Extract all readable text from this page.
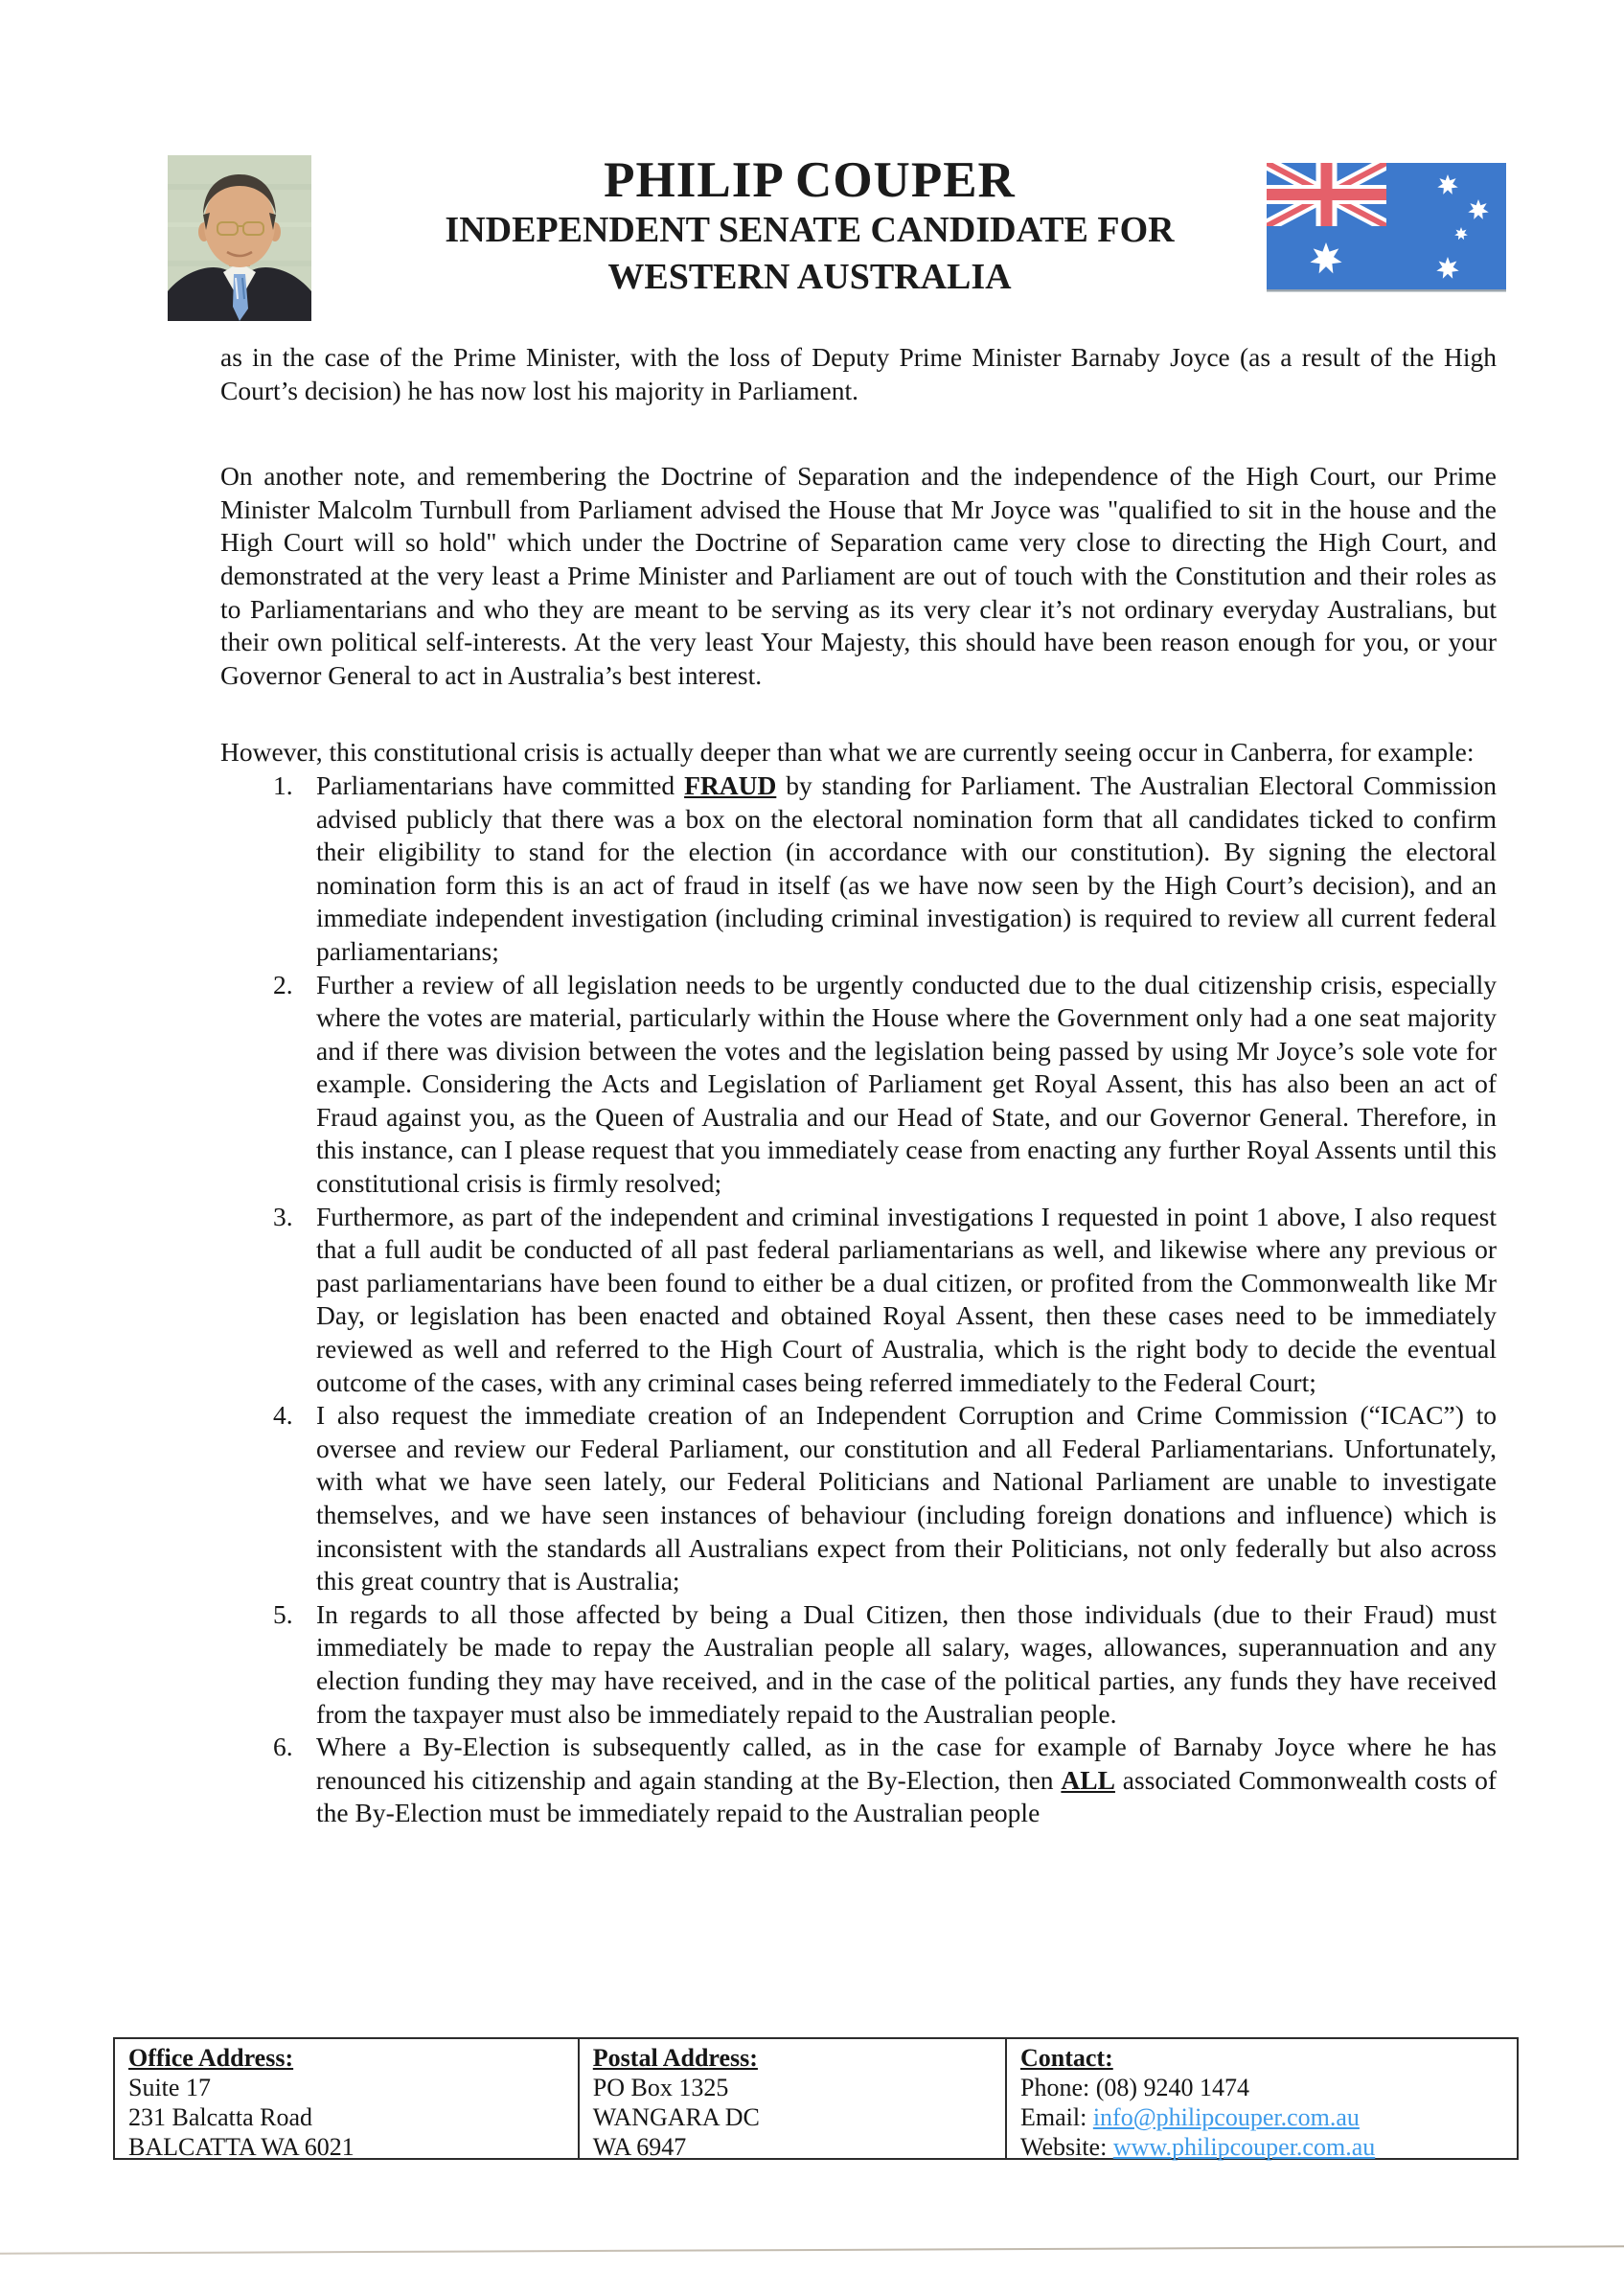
PHILIP COUPER
INDEPENDENT SENATE CANDIDATE FOR
WESTERN AUSTRALIA

as in the case of the Prime Minister, with the loss of Deputy Prime Minister Barnaby Joyce (as a result of the High Court’s decision) he has now lost his majority in Parliament.

On another note, and remembering the Doctrine of Separation and the independence of the High Court, our Prime Minister Malcolm Turnbull from Parliament advised the House that Mr Joyce was "qualified to sit in the house and the High Court will so hold" which under the Doctrine of Separation came very close to directing the High Court, and demonstrated at the very least a Prime Minister and Parliament are out of touch with the Constitution and their roles as to Parliamentarians and who they are meant to be serving as its very clear it’s not ordinary everyday Australians, but their own political self-interests. At the very least Your Majesty, this should have been reason enough for you, or your Governor General to act in Australia’s best interest.

However, this constitutional crisis is actually deeper than what we are currently seeing occur in Canberra, for example:

1. Parliamentarians have committed FRAUD by standing for Parliament. The Australian Electoral Commission advised publicly that there was a box on the electoral nomination form that all candidates ticked to confirm their eligibility to stand for the election (in accordance with our constitution). By signing the electoral nomination form this is an act of fraud in itself (as we have now seen by the High Court’s decision), and an immediate independent investigation (including criminal investigation) is required to review all current federal parliamentarians;
2. Further a review of all legislation needs to be urgently conducted due to the dual citizenship crisis, especially where the votes are material, particularly within the House where the Government only had a one seat majority and if there was division between the votes and the legislation being passed by using Mr Joyce’s sole vote for example. Considering the Acts and Legislation of Parliament get Royal Assent, this has also been an act of Fraud against you, as the Queen of Australia and our Head of State, and our Governor General. Therefore, in this instance, can I please request that you immediately cease from enacting any further Royal Assents until this constitutional crisis is firmly resolved;
3. Furthermore, as part of the independent and criminal investigations I requested in point 1 above, I also request that a full audit be conducted of all past federal parliamentarians as well, and likewise where any previous or past parliamentarians have been found to either be a dual citizen, or profited from the Commonwealth like Mr Day, or legislation has been enacted and obtained Royal Assent, then these cases need to be immediately reviewed as well and referred to the High Court of Australia, which is the right body to decide the eventual outcome of the cases, with any criminal cases being referred immediately to the Federal Court;
4. I also request the immediate creation of an Independent Corruption and Crime Commission (“ICAC”) to oversee and review our Federal Parliament, our constitution and all Federal Parliamentarians. Unfortunately, with what we have seen lately, our Federal Politicians and National Parliament are unable to investigate themselves, and we have seen instances of behaviour (including foreign donations and influence) which is inconsistent with the standards all Australians expect from their Politicians, not only federally but also across this great country that is Australia;
5. In regards to all those affected by being a Dual Citizen, then those individuals (due to their Fraud) must immediately be made to repay the Australian people all salary, wages, allowances, superannuation and any election funding they may have received, and in the case of the political parties, any funds they have received from the taxpayer must also be immediately repaid to the Australian people.
6. Where a By-Election is subsequently called, as in the case for example of Barnaby Joyce where he has renounced his citizenship and again standing at the By-Election, then ALL associated Commonwealth costs of the By-Election must be immediately repaid to the Australian people
Office Address:
Suite 17
231 Balcatta Road
BALCATTA WA 6021
Postal Address:
PO Box 1325
WANGARA DC
WA 6947
Contact:
Phone: (08) 9240 1474
Email: info@philipcouper.com.au
Website: www.philipcouper.com.au
